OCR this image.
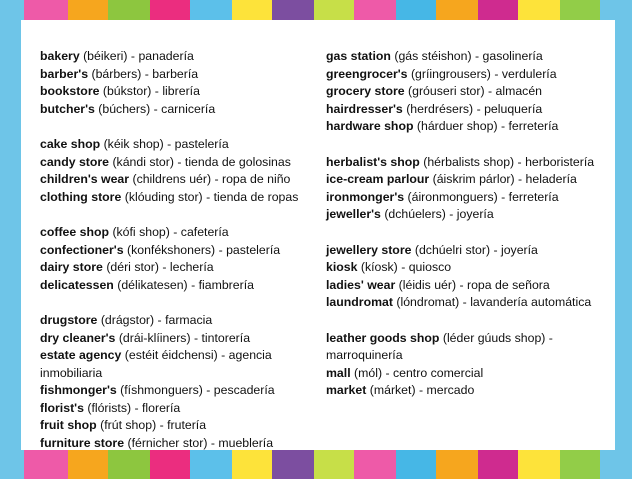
bakery (béikeri) - panadería
barber's (bárbers) - barbería
bookstore (búkstor) - librería
butcher's (búchers) - carnicería
cake shop (kéik shop) - pastelería
candy store (kándi stor) - tienda de golosinas
children's wear (childrens uér) - ropa de niño
clothing store (klóuding stor) - tienda de ropas
coffee shop (kófi shop) - cafetería
confectioner's (konfékshoners) - pastelería
dairy store (déri stor) - lechería
delicatessen (délikatesen) - fiambrería
drugstore (drágstor) - farmacia
dry cleaner's (drái-klíiners) - tintorería
estate agency (estéit éidchensi) - agencia inmobiliaria
fishmonger's (físhmonguers) - pescadería
florist's (flórists) - florería
fruit shop (frút shop) - frutería
furniture store (férnicher stor) - mueblería
gas station (gás stéishon) - gasolinería
greengrocer's (gríingrousers) - verdulería
grocery store (gróuseri stor) - almacén
hairdresser's (herdrésers) - peluquería
hardware shop (hárduer shop) - ferretería
herbalist's shop (hérbalists shop) - herboristería
ice-cream parlour (áiskrim párlor) - heladería
ironmonger's (áironmonguers) - ferretería
jeweller's (dchúelers) - joyería
jewellery store (dchúelri stor) - joyería
kiosk (kíosk) - quiosco
ladies' wear (léidis uér) - ropa de señora
laundromat (lóndromat) - lavandería automática
leather goods shop (léder gúuds shop) - marroquinería
mall (mól) - centro comercial
market (márket) - mercado
